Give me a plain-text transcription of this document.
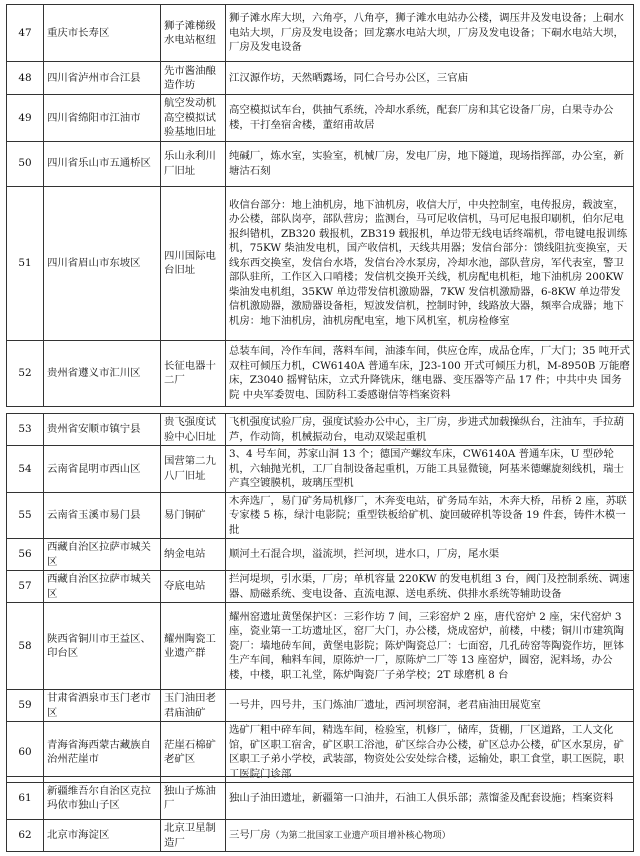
47	重庆市长寿区	狮子滩梯级水电站枢纽	狮子滩水库大坝，六角亭，八角亭，狮子滩水电站办公楼，调压井及发电设备；上硐水电站大坝，厂房及发电设备；回龙寨水电站大坝，厂房及发电设备；下硐水电站大坝，厂房及发电设备
48	四川省泸州市合江县	先市酱油酿造作坊	江汉源作坊，天然晒露场，同仁合号办公区，三官庙
49	四川省绵阳市江油市	航空发动机高空模拟试验基地旧址	高空模拟试车台，供抽气系统，冷却水系统，配套厂房和其它设备厂房，白果寺办公楼，干打垒宿舍楼，董绍甫故居
50	四川省乐山市五通桥区	乐山永利川厂旧址	纯碱厂，炼水室，实验室，机械厂房，发电厂房，地下隧道，现场指挥部，办公室，新塘沽石刻
51	四川省眉山市东坡区	四川国际电台旧址	收信台部分：地上油机房，地下油机房，收信大厅，中央控制室，电传报房，载波室，办公楼，部队岗亭，部队营房；监测台，马可尼收信机，马可尼电报印刷机，伯尔尼电报纠错机，ZB320 载报机，ZB319 载报机，单边带无线电话终端机，带电键电报训练机，75KW 柴油发电机，国产收信机，天线共用器；发信台部分：馈线阻抗变换室，天线东西交换室，发信台水塔，发信台冷水泵房，冷却水池，部队营房，军代表室，警卫部队驻所，工作区入口哨楼；发信机交换开关线，机房配电机柜，地下油机房 200KW 柴油发电机组，35KW 单边带发信机激励器，7KW 发信机激励器，6-8KW 单边带发信机激励器，激励器设备柜，短波发信机，控制时钟，线路放大器，频率合成器；地下机房：地下油机房，油机房配电室，地下风机室，机房检修室
52	贵州省遵义市汇川区	长征电器十二厂	总装车间，冷作车间，落料车间，油漆车间，供应仓库，成品仓库，厂大门；35 吨开式双柱可倾压力机，CW6140A 普通车床，J23-100 开式可倾压力机，M-8950B 万能磨床，Z3040 摇臂钻床，立式升降铣床，继电器、变压器等产品 17 件；中共中央 国务院 中央军委贺电、国防科工委感谢信等档案资料
53	贵州省安顺市镇宁县	贵飞强度试验中心旧址	飞机强度试验厂房，强度试验办公中心，主厂房，步进式加载操纵台，注油车，手拉葫芦，作动筒，机械振动台，电动双梁起重机
54	云南省昆明市西山区	国营第二九八厂旧址	3、4 号车间，苏家山洞 13 个；德国产螺纹车床，CW6140A 普通车床，U 型砂轮机，六轴抛光机，工厂自制设备起重机，万能工具显微镜，阿基米德螺旋刻线机，瑞士产真空镀膜机，玻璃压型机
55	云南省玉溪市易门县	易门铜矿	木奔选厂，易门矿务局机修厂，木奔变电站，矿务局车站，木奔大桥，吊桥 2 座，苏联专家楼 5 栋，绿汁电影院；重型铁板给矿机、旋回破碎机等设备 19 件套，铸件木模一批
56	西藏自治区拉萨市城关区	纳金电站	顺河土石混合坝，溢流坝，拦河坝，进水口，厂房，尾水渠
57	西藏自治区拉萨市城关区	夺底电站	拦河堤坝，引水渠，厂房；单机容量 220KW 的发电机组 3 台，阀门及控制系统、调速器、励磁系统、变电设备、直流电源、送电系统、供排水系统等辅助设备
58	陕西省铜川市王益区、印台区	耀州陶瓷工业遗产群	耀州窑遗址黄堡保护区：三彩作坊 7 间，三彩窑炉 2 座，唐代窑炉 2 座，宋代窑炉 3 座，瓷业第一工坊遗址区，窑厂大门，办公楼，烧成窑炉，前楼，中楼；铜川市建筑陶瓷厂：墙地砖车间，黄堡电影院；陈炉陶瓷总厂：七面窑，几孔砖窑等陶瓷作坊，匣钵生产车间，釉料车间，原陈炉一厂，原陈炉二厂等 13 座窑炉，圆窑，泥料场，办公楼，中楼，职工礼堂，陈炉陶瓷厂子弟学校；2T 球磨机 8 台
59	甘肃省酒泉市玉门老市区	玉门油田老君庙油矿	一号井，四号井，玉门炼油厂遗址，西河坝窑洞，老君庙油田展览室
60	青海省海西蒙古藏族自治州茫崖市	茫崖石棉矿老矿区	选矿厂粗中碎车间，精选车间，检验室，机修厂，储库，货棚，厂区道路，工人文化馆，矿区职工宿舍，矿区职工浴池，矿区综合办公楼，矿区总办公楼，矿区水泵房，矿区职工子弟小学校，武装部，物资处公安处综合楼，运输处，职工食堂，职工医院，职工医院门诊部
61	新疆维吾尔自治区克拉玛依市独山子区	独山子炼油厂	独山子油田遗址，新疆第一口油井，石油工人俱乐部；蒸馏釜及配套设施；档案资料
62	北京市海淀区	北京卫星制造厂	三号厂房（为第二批国家工业遗产项目增补核心物项）
